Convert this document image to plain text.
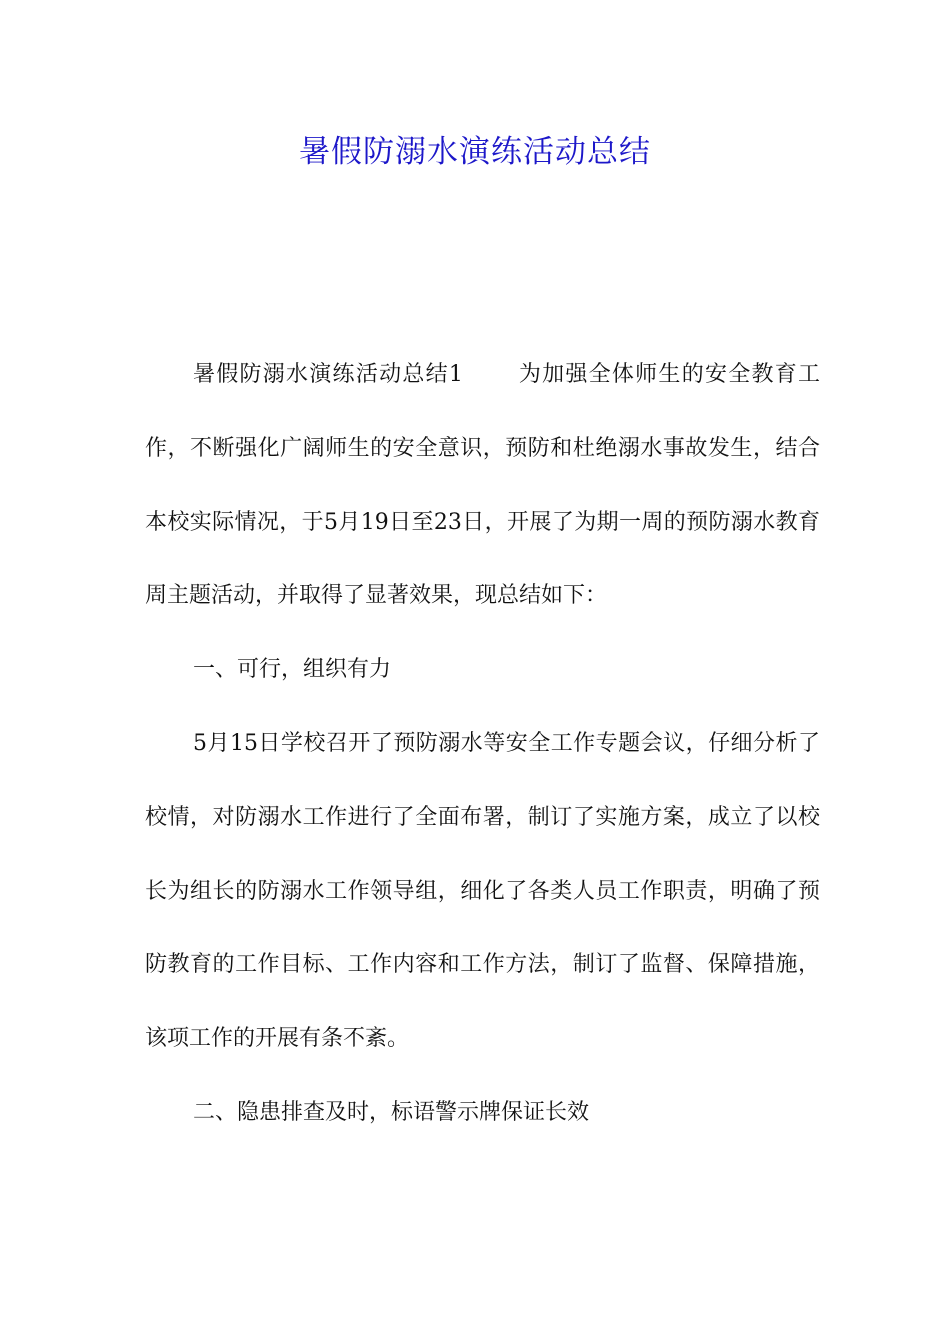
暑假防溺水演练活动总结

暑假防溺水演练活动总结1　　 为加强全体师生的安全教育工作，不断强化广阔师生的安全意识，预防和杜绝溺水事故发生，结合本校实际情况，于5月19日至23日，开展了为期一周的预防溺水教育周主题活动，并取得了显著效果，现总结如下：

一、可行，组织有力

5月15日学校召开了预防溺水等安全工作专题会议，仔细分析了校情，对防溺水工作进行了全面布署，制订了实施方案，成立了以校长为组长的防溺水工作领导组，细化了各类人员工作职责，明确了预防教育的工作目标、工作内容和工作方法，制订了监督、保障措施，该项工作的开展有条不紊。

二、隐患排查及时，标语警示牌保证长效
